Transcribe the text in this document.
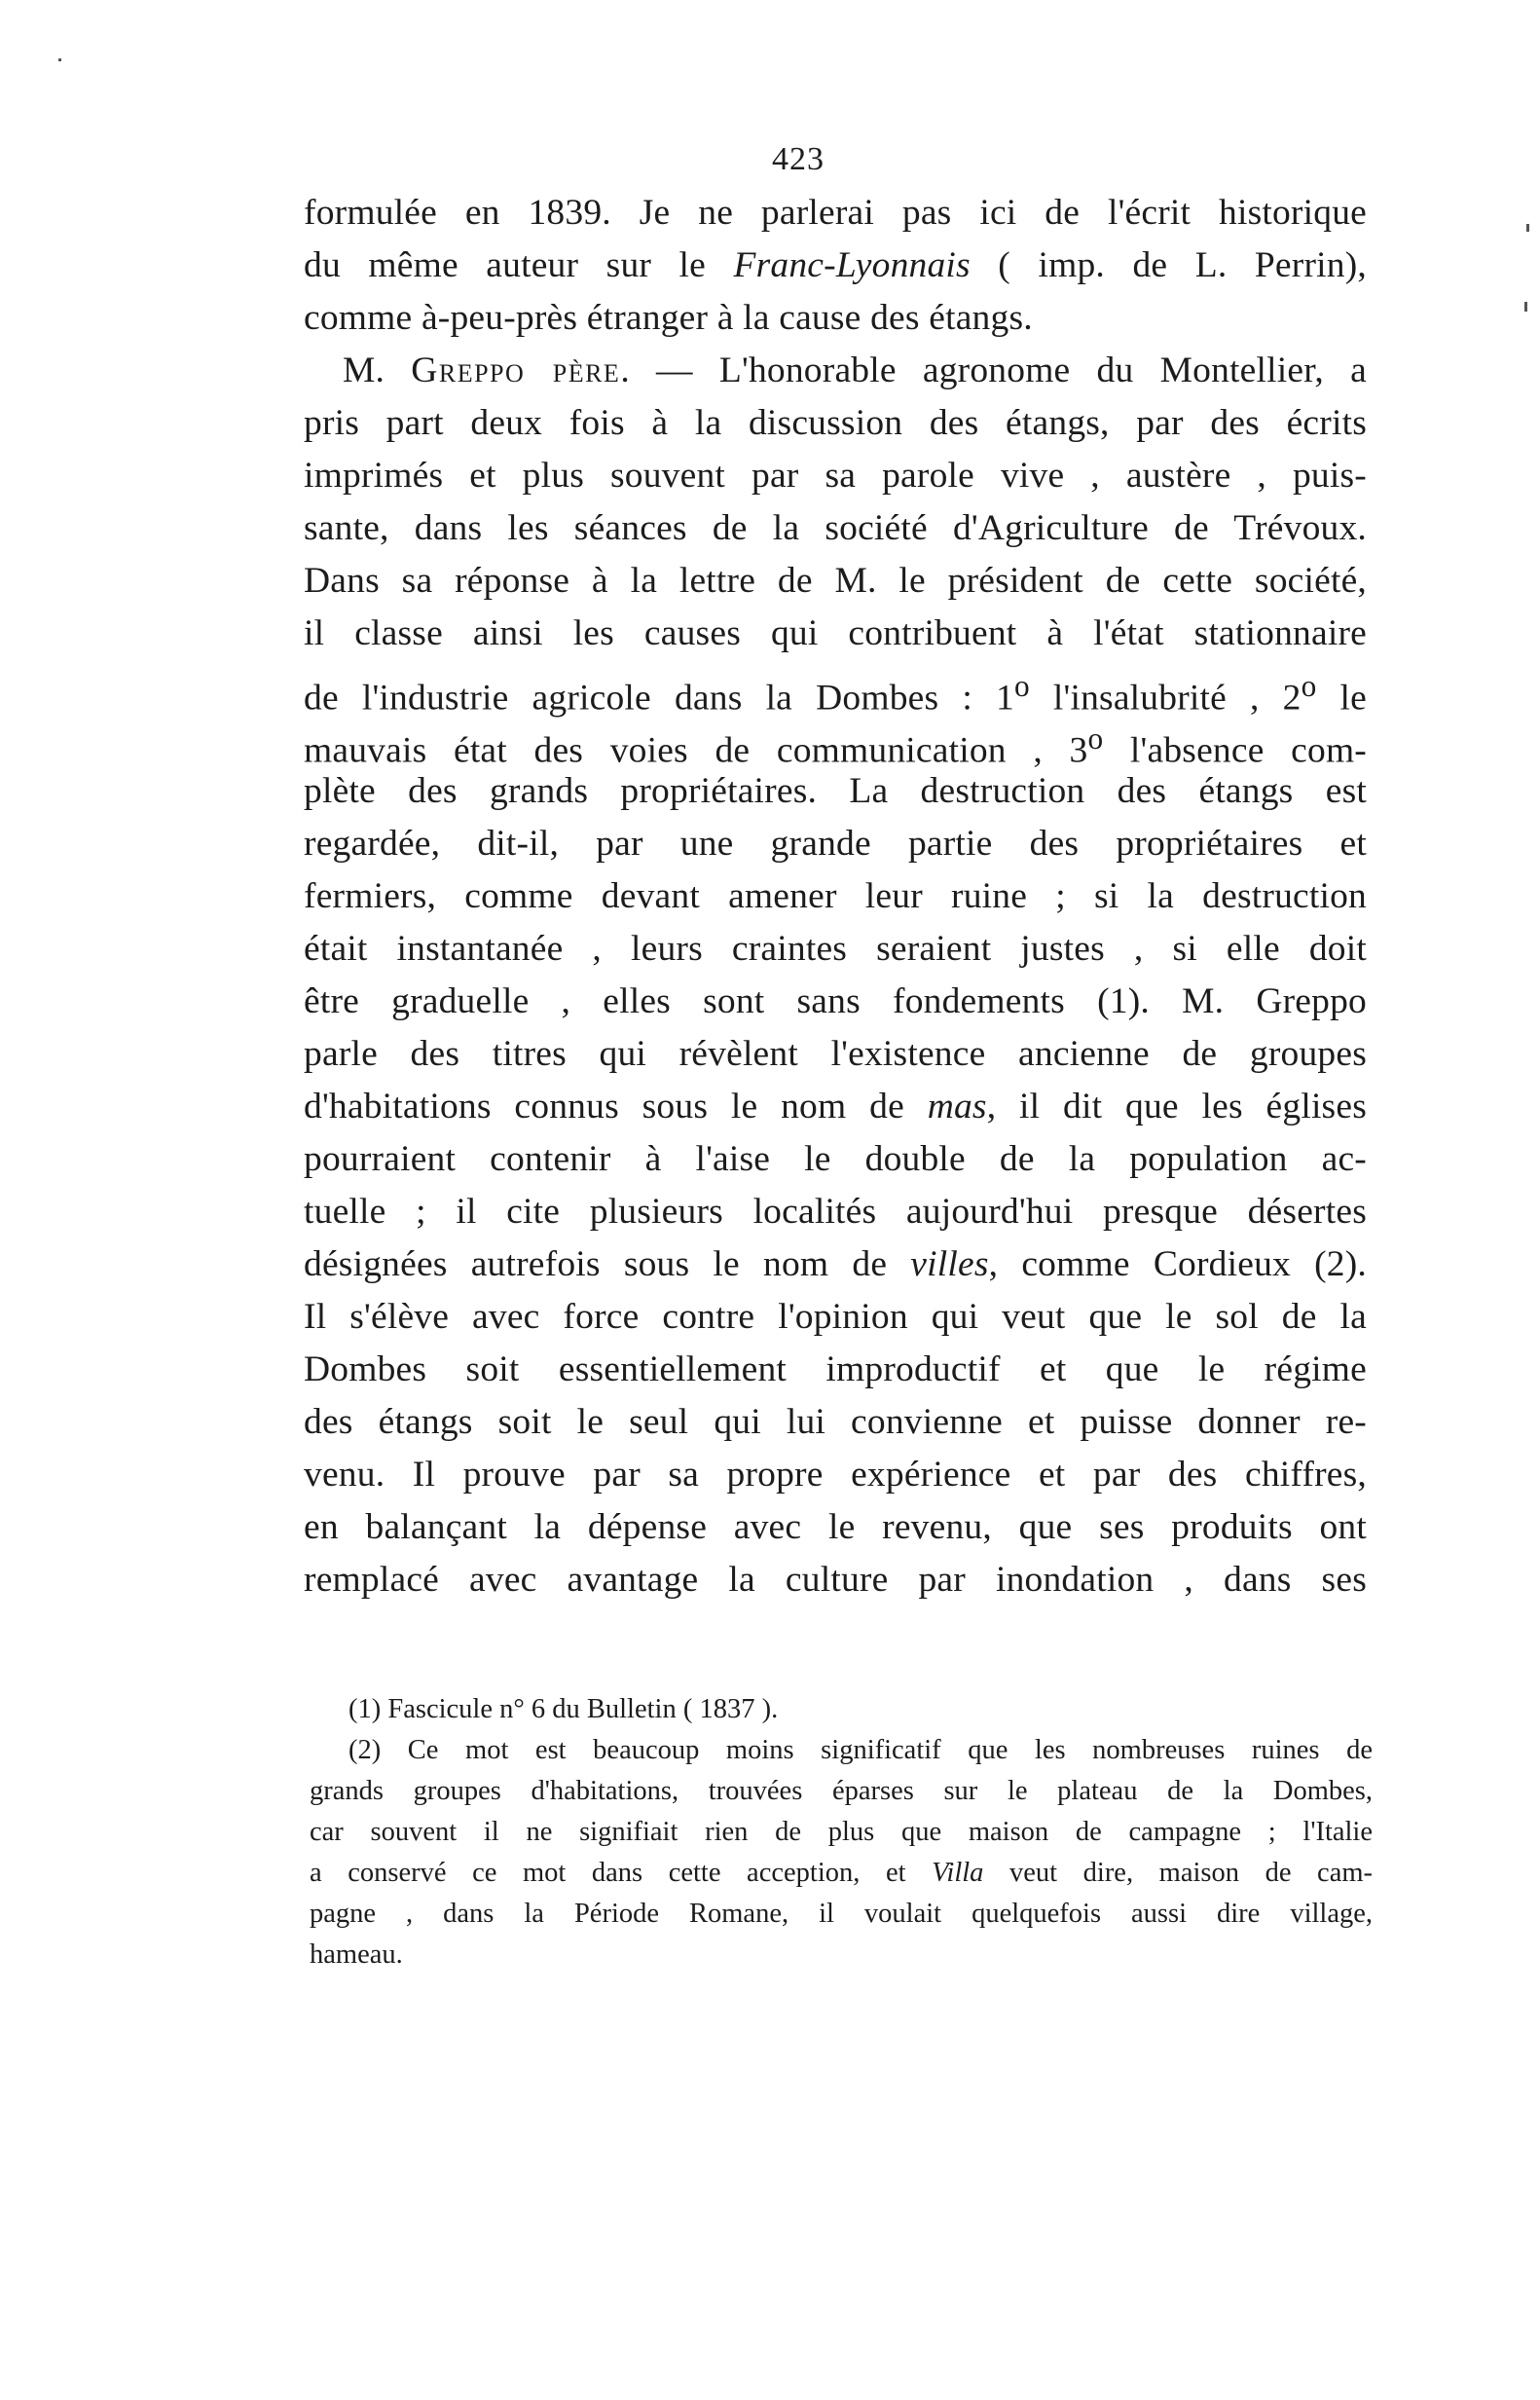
423
formulée en 1839. Je ne parlerai pas ici de l'écrit historique
du même auteur sur le Franc-Lyonnais ( imp. de L. Perrin),
comme à-peu-près étranger à la cause des étangs.
M. Greppo père. — L'honorable agronome du Montellier, a
pris part deux fois à la discussion des étangs, par des écrits
imprimés et plus souvent par sa parole vive , austère , puis-
sante, dans les séances de la société d'Agriculture de Trévoux.
Dans sa réponse à la lettre de M. le président de cette société,
il classe ainsi les causes qui contribuent à l'état stationnaire
de l'industrie agricole dans la Dombes : 1$^o$ l'insalubrité , 2$^o$ le
mauvais état des voies de communication , 3$^o$ l'absence com-
plète des grands propriétaires. La destruction des étangs est
regardée, dit-il, par une grande partie des propriétaires et
fermiers, comme devant amener leur ruine ; si la destruction
était instantanée , leurs craintes seraient justes , si elle doit
être graduelle , elles sont sans fondements (1). M. Greppo
parle des titres qui révèlent l'existence ancienne de groupes
d'habitations connus sous le nom de mas, il dit que les églises
pourraient contenir à l'aise le double de la population ac-
tuelle ; il cite plusieurs localités aujourd'hui presque désertes
désignées autrefois sous le nom de villes, comme Cordieux (2).
Il s'élève avec force contre l'opinion qui veut que le sol de la
Dombes soit essentiellement improductif et que le régime
des étangs soit le seul qui lui convienne et puisse donner re-
venu. Il prouve par sa propre expérience et par des chiffres,
en balançant la dépense avec le revenu, que ses produits ont
remplacé avec avantage la culture par inondation , dans ses
(1) Fascicule n° 6 du Bulletin ( 1837 ).
(2) Ce mot est beaucoup moins significatif que les nombreuses ruines de
grands groupes d'habitations, trouvées éparses sur le plateau de la Dombes,
car souvent il ne signifiait rien de plus que maison de campagne ; l'Italie
a conservé ce mot dans cette acception, et Villa veut dire, maison de cam-
pagne , dans la Période Romane, il voulait quelquefois aussi dire village,
hameau.
